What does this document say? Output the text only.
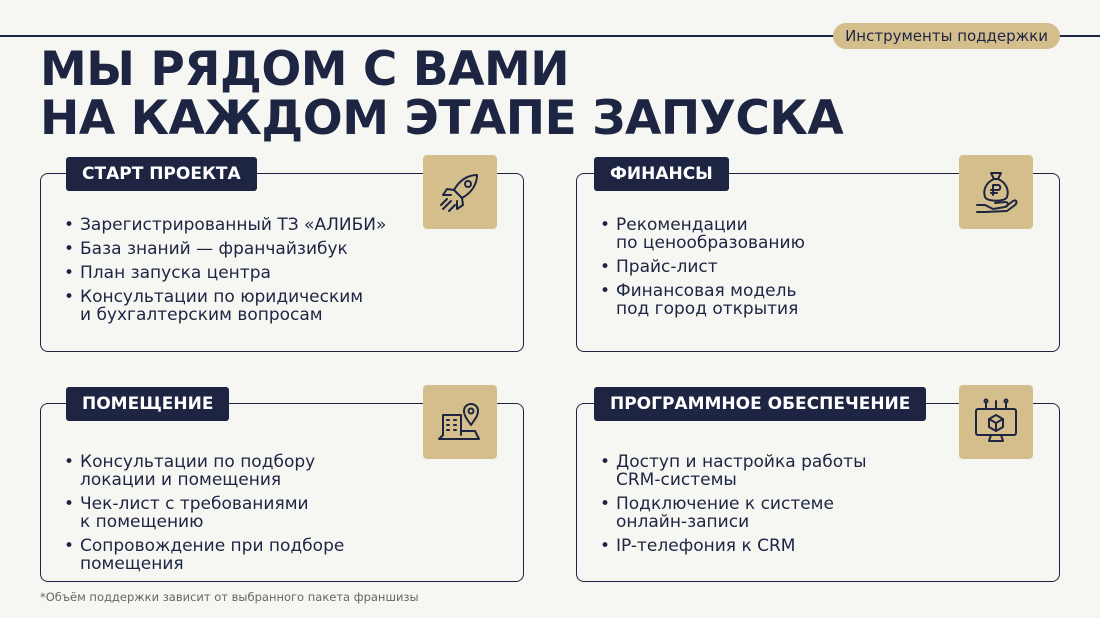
Инструменты поддержки
МЫ РЯДОМ С ВАМИ
НА КАЖДОМ ЭТАПЕ ЗАПУСКА
СТАРТ ПРОЕКТА
• Зарегистрированный ТЗ «АЛИБИ»
• База знаний — франчайзибук
• План запуска центра
• Консультации по юридическим
и бухгалтерским вопросам
ФИНАНСЫ
• Рекомендации
по ценообразованию
• Прайс-лист
• Финансовая модель
под город открытия
ПОМЕЩЕНИЕ
• Консультации по подбору
локации и помещения
• Чек-лист с требованиями
к помещению
• Сопровождение при подборе
помещения
ПРОГРАММНОЕ ОБЕСПЕЧЕНИЕ
• Доступ и настройка работы
CRM-системы
• Подключение к системе
онлайн-записи
• IP-телефония к CRM
*Объём поддержки зависит от выбранного пакета франшизы
